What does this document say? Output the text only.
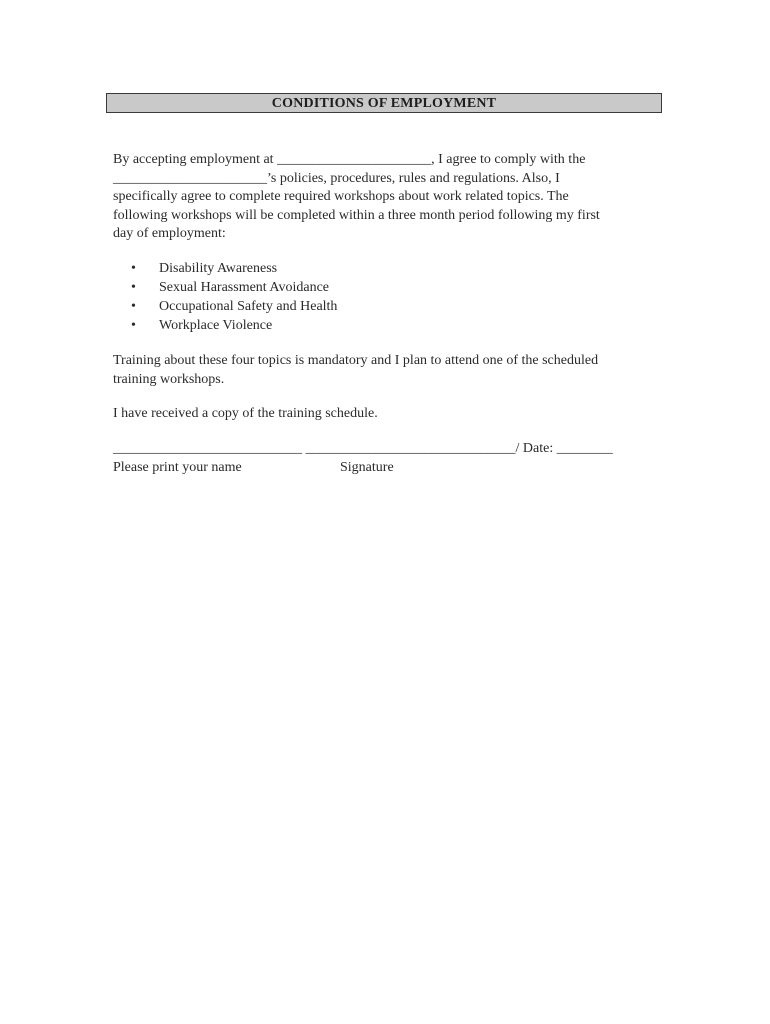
CONDITIONS OF EMPLOYMENT
By accepting employment at ______________________, I agree to comply with the
______________________’s policies, procedures, rules and regulations. Also, I
specifically agree to complete required workshops about work related topics. The
following workshops will be completed within a three month period following my first
day of employment:
•	Disability Awareness
•	Sexual Harassment Avoidance
•	Occupational Safety and Health
•	Workplace Violence
Training about these four topics is mandatory and I plan to attend one of the scheduled
training workshops.
I have received a copy of the training schedule.
___________________________ ______________________________/ Date: ________
Please print your name	Signature
